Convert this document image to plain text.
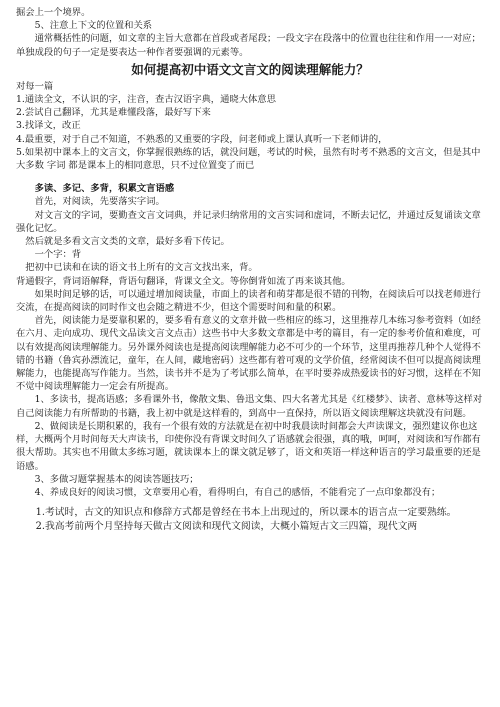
掘会上一个境界。

5、注意上下文的位置和关系

通常概括性的问题，如文章的主旨大意都在首段或者尾段；一段文字在段落中的位置也往往和作用一一对应；单独成段的句子一定是要表达一种作者要强调的元素等。

如何提高初中语文文言文的阅读理解能力？

对每一篇

1.通读全文，不认识的字，注音，查古汉语字典，通晓大体意思

2.尝试自己翻译，尤其是难懂段落，最好写下来

3.找译文，改正

4.最重要，对于自己不知道，不熟悉的又重要的字段，问老师或上课认真听一下老师讲的，

5.如果初中课本上的文言文，你掌握很熟练的话，就没问题，考试的时候，虽然有时考不熟悉的文言文，但是其中大多数 字词 都是课本上的相同意思，只不过位置变了而已

多读、多记、多背，积累文言语感

首先，对阅读，先要落实字词。

对文言文的字词，要勤查文言文词典，并记录归纳常用的文言实词和虚词，不断去记忆，并通过反复诵读文章强化记忆。

然后就是多看文言文类的文章，最好多看下传记。

一个字：背

把初中已读和在读的语文书上所有的文言文找出来，背。

背通假字，背词语解释，背语句翻译，背课文全文。等你倒背如流了再来谈其他。

如果时间足够的话，可以通过增加阅读量，市面上的读者和萌芽都是很不错的刊物，在阅读后可以找老师进行交流，在提高阅读的同时作文也会随之精进不少，但这个需要时间和量的积累。

首先，阅读能力是要靠积累的，要多看有意义的文章并做一些相应的练习，这里推荐几本练习参考资料（如经在六月、走向成功、现代文品读文言文点击）这些书中大多数文章都是中考的篇目，有一定的参考价值和难度，可以有效提高阅读理解能力。另外课外阅读也是提高阅读理解能力必不可少的一个环节，这里再推荐几种个人觉得不错的书籍（鲁宾孙漂流记，童年，在人间，藏地密码）这些都有着可观的文学价值，经常阅读不但可以提高阅读理解能力，也能提高写作能力。当然，读书并不是为了考试那么简单，在平时要养成热爱读书的好习惯，这样在不知不觉中阅读理解能力一定会有所提高。

1、多读书，提高语感；多看课外书，像散文集、鲁迅文集、四大名著尤其是《红楼梦》、读者、意林等这样对自己阅读能力有所帮助的书籍，我上初中就是这样看的，到高中一直保持，所以语文阅读理解这块就没有问题。

2、做阅读是长期积累的，我有一个很有效的方法就是在初中时我晨读时间都会大声读课文，强烈建议你也这样，大概两个月时间每天大声读书，印使你没有背课文时间久了语感就会很强，真的哦，呵呵，对阅读和写作都有很大帮助。其实也不用做太多练习题，就读课本上的课文就足够了，语文和英语一样这种语言的学习最重要的还是语感。

3、多做习题掌握基本的阅读答题技巧；

4、养成良好的阅读习惯，文章要用心看，看得明白，有自己的感悟，不能看完了一点印象都没有；

1.考试时，古文的知识点和修辞方式都是曾经在书本上出现过的，所以课本的语言点一定要熟练。

2.我高考前两个月坚持每天做古文阅读和现代文阅读，大概小篇短古文三四篇，现代文两
